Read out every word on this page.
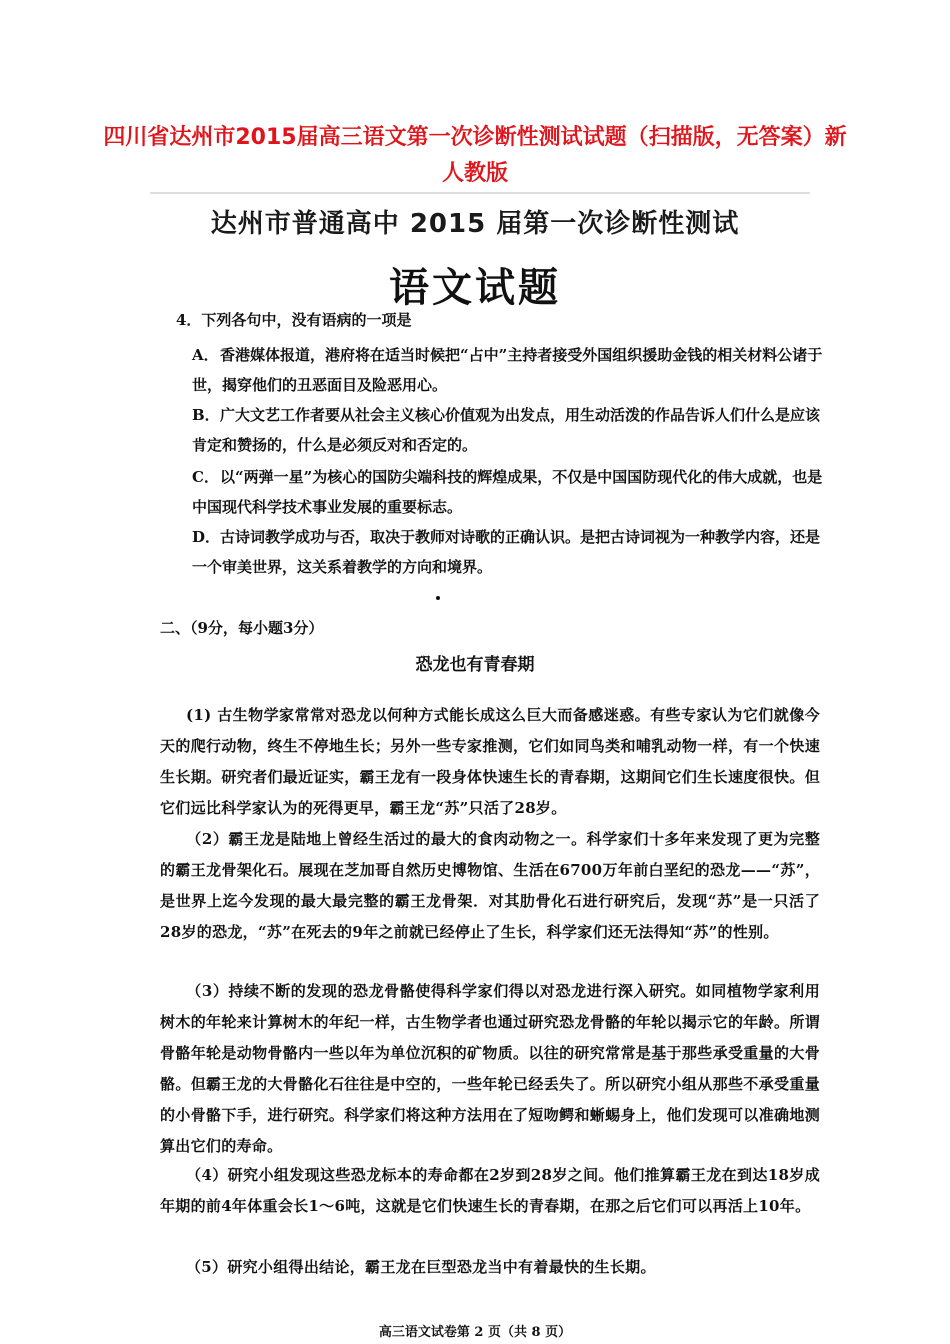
四川省达州市2015届高三语文第一次诊断性测试试题（扫描版，无答案）新人教版
达州市普通高中 2015 届第一次诊断性测试
语文试题
4．下列各句中，没有语病的一项是
A．香港媒体报道，港府将在适当时候把“占中”主持者接受外国组织援助金钱的相关材料公诸于世，揭穿他们的丑恶面目及险恶用心。
B．广大文艺工作者要从社会主义核心价值观为出发点，用生动活泼的作品告诉人们什么是应该肯定和赞扬的，什么是必须反对和否定的。
C．以“两弹一星”为核心的国防尖端科技的辉煌成果，不仅是中国国防现代化的伟大成就，也是中国现代科学技术事业发展的重要标志。
D．古诗词教学成功与否，取决于教师对诗歌的正确认识。是把古诗词视为一种教学内容，还是一个审美世界，这关系着教学的方向和境界。
二、（9分，每小题3分）
恐龙也有青春期
(1) 古生物学家常常对恐龙以何种方式能长成这么巨大而备感迷惑。有些专家认为它们就像今天的爬行动物，终生不停地生长；另外一些专家推测，它们如同鸟类和哺乳动物一样，有一个快速生长期。研究者们最近证实，霸王龙有一段身体快速生长的青春期，这期间它们生长速度很快。但它们远比科学家认为的死得更早，霸王龙“苏”只活了28岁。
（2）霸王龙是陆地上曾经生活过的最大的食肉动物之一。科学家们十多年来发现了更为完整的霸王龙骨架化石。展现在芝加哥自然历史博物馆、生活在6700万年前白垩纪的恐龙——“苏”，是世界上迄今发现的最大最完整的霸王龙骨架．对其肋骨化石进行研究后，发现“苏”是一只活了28岁的恐龙，“苏”在死去的9年之前就已经停止了生长，科学家们还无法得知“苏”的性别。
（3）持续不断的发现的恐龙骨骼使得科学家们得以对恐龙进行深入研究。如同植物学家利用树木的年轮来计算树木的年纪一样，古生物学者也通过研究恐龙骨骼的年轮以揭示它的年龄。所谓骨骼年轮是动物骨骼内一些以年为单位沉积的矿物质。以往的研究常常是基于那些承受重量的大骨骼。但霸王龙的大骨骼化石往往是中空的，一些年轮已经丢失了。所以研究小组从那些不承受重量的小骨骼下手，进行研究。科学家们将这种方法用在了短吻鳄和蜥蜴身上，他们发现可以准确地测算出它们的寿命。
（4）研究小组发现这些恐龙标本的寿命都在2岁到28岁之间。他们推算霸王龙在到达18岁成年期的前4年体重会长1～6吨，这就是它们快速生长的青春期，在那之后它们可以再活上10年。
（5）研究小组得出结论，霸王龙在巨型恐龙当中有着最快的生长期。
高三语文试卷第 2 页（共 8 页）
